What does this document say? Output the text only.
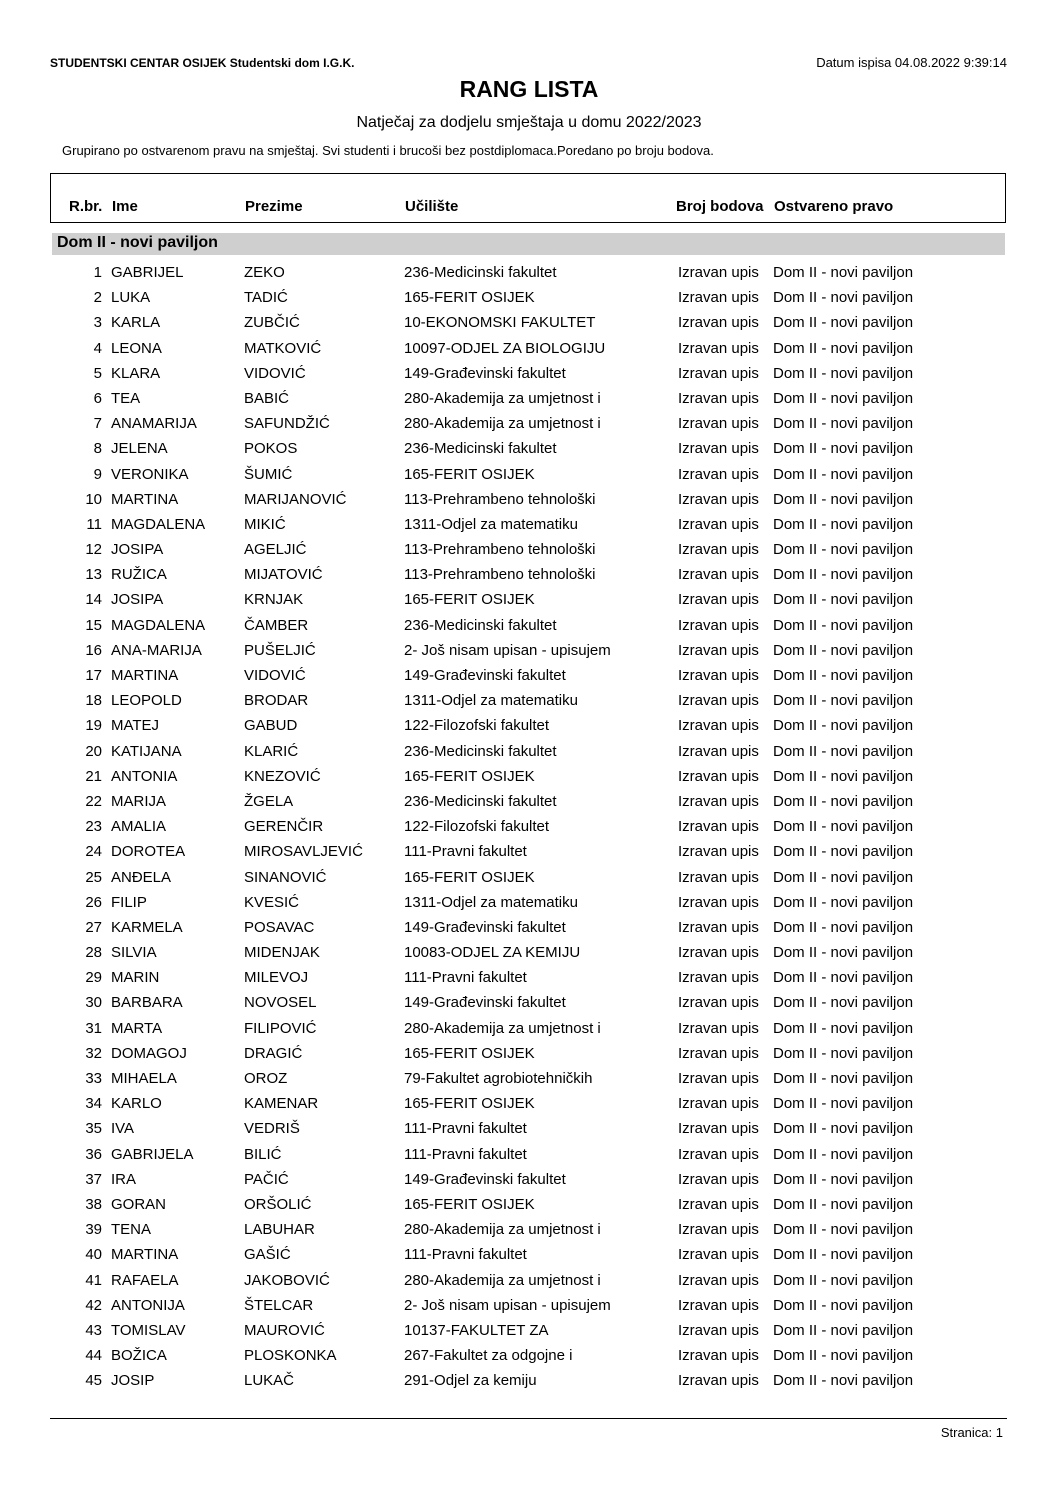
STUDENTSKI CENTAR OSIJEK Studentski dom I.G.K.	Datum ispisa 04.08.2022 9:39:14
RANG LISTA
Natječaj za dodjelu smještaja u domu 2022/2023
Grupirano po ostvarenom pravu na smještaj. Svi studenti i brucoši bez postdiplomaca.Poredano po broju bodova.
R.br. Ime	Prezime	Učilište	Broj bodova Ostvareno pravo
Dom II - novi paviljon
1 GABRIJEL	ZEKO	236-Medicinski fakultet	Izravan upis Dom II - novi paviljon
2 LUKA	TADIĆ	165-FERIT OSIJEK	Izravan upis Dom II - novi paviljon
3 KARLA	ZUBČIĆ	10-EKONOMSKI FAKULTET	Izravan upis Dom II - novi paviljon
4 LEONA	MATKOVIĆ	10097-ODJEL ZA BIOLOGIJU	Izravan upis Dom II - novi paviljon
5 KLARA	VIDOVIĆ	149-Građevinski fakultet	Izravan upis Dom II - novi paviljon
6 TEA	BABIĆ	280-Akademija za umjetnost i	Izravan upis Dom II - novi paviljon
7 ANAMARIJA	SAFUNDŽIĆ	280-Akademija za umjetnost i	Izravan upis Dom II - novi paviljon
8 JELENA	POKOS	236-Medicinski fakultet	Izravan upis Dom II - novi paviljon
9 VERONIKA	ŠUMIĆ	165-FERIT OSIJEK	Izravan upis Dom II - novi paviljon
10 MARTINA	MARIJANOVIĆ	113-Prehrambeno tehnološki	Izravan upis Dom II - novi paviljon
11 MAGDALENA	MIKIĆ	1311-Odjel za matematiku	Izravan upis Dom II - novi paviljon
12 JOSIPA	AGELJIĆ	113-Prehrambeno tehnološki	Izravan upis Dom II - novi paviljon
13 RUŽICA	MIJATOVIĆ	113-Prehrambeno tehnološki	Izravan upis Dom II - novi paviljon
14 JOSIPA	KRNJAK	165-FERIT OSIJEK	Izravan upis Dom II - novi paviljon
15 MAGDALENA	ČAMBER	236-Medicinski fakultet	Izravan upis Dom II - novi paviljon
16 ANA-MARIJA	PUŠELJIĆ	2- Još nisam upisan - upisujem	Izravan upis Dom II - novi paviljon
17 MARTINA	VIDOVIĆ	149-Građevinski fakultet	Izravan upis Dom II - novi paviljon
18 LEOPOLD	BRODAR	1311-Odjel za matematiku	Izravan upis Dom II - novi paviljon
19 MATEJ	GABUD	122-Filozofski fakultet	Izravan upis Dom II - novi paviljon
20 KATIJANA	KLARIĆ	236-Medicinski fakultet	Izravan upis Dom II - novi paviljon
21 ANTONIA	KNEZOVIĆ	165-FERIT OSIJEK	Izravan upis Dom II - novi paviljon
22 MARIJA	ŽGELA	236-Medicinski fakultet	Izravan upis Dom II - novi paviljon
23 AMALIA	GERENČIR	122-Filozofski fakultet	Izravan upis Dom II - novi paviljon
24 DOROTEA	MIROSAVLJEVIĆ	111-Pravni fakultet	Izravan upis Dom II - novi paviljon
25 ANĐELA	SINANOVIĆ	165-FERIT OSIJEK	Izravan upis Dom II - novi paviljon
26 FILIP	KVESIĆ	1311-Odjel za matematiku	Izravan upis Dom II - novi paviljon
27 KARMELA	POSAVAC	149-Građevinski fakultet	Izravan upis Dom II - novi paviljon
28 SILVIA	MIDENJAK	10083-ODJEL ZA KEMIJU	Izravan upis Dom II - novi paviljon
29 MARIN	MILEVOJ	111-Pravni fakultet	Izravan upis Dom II - novi paviljon
30 BARBARA	NOVOSEL	149-Građevinski fakultet	Izravan upis Dom II - novi paviljon
31 MARTA	FILIPOVIĆ	280-Akademija za umjetnost i	Izravan upis Dom II - novi paviljon
32 DOMAGOJ	DRAGIĆ	165-FERIT OSIJEK	Izravan upis Dom II - novi paviljon
33 MIHAELA	OROZ	79-Fakultet agrobiotehničkih	Izravan upis Dom II - novi paviljon
34 KARLO	KAMENAR	165-FERIT OSIJEK	Izravan upis Dom II - novi paviljon
35 IVA	VEDRIŠ	111-Pravni fakultet	Izravan upis Dom II - novi paviljon
36 GABRIJELA	BILIĆ	111-Pravni fakultet	Izravan upis Dom II - novi paviljon
37 IRA	PAČIĆ	149-Građevinski fakultet	Izravan upis Dom II - novi paviljon
38 GORAN	ORŠOLIĆ	165-FERIT OSIJEK	Izravan upis Dom II - novi paviljon
39 TENA	LABUHAR	280-Akademija za umjetnost i	Izravan upis Dom II - novi paviljon
40 MARTINA	GAŠIĆ	111-Pravni fakultet	Izravan upis Dom II - novi paviljon
41 RAFAELA	JAKOBOVIĆ	280-Akademija za umjetnost i	Izravan upis Dom II - novi paviljon
42 ANTONIJA	ŠTELCAR	2- Još nisam upisan - upisujem	Izravan upis Dom II - novi paviljon
43 TOMISLAV	MAUROVIĆ	10137-FAKULTET ZA	Izravan upis Dom II - novi paviljon
44 BOŽICA	PLOSKONKA	267-Fakultet za odgojne i	Izravan upis Dom II - novi paviljon
45 JOSIP	LUKAČ	291-Odjel za kemiju	Izravan upis Dom II - novi paviljon
Stranica: 1
